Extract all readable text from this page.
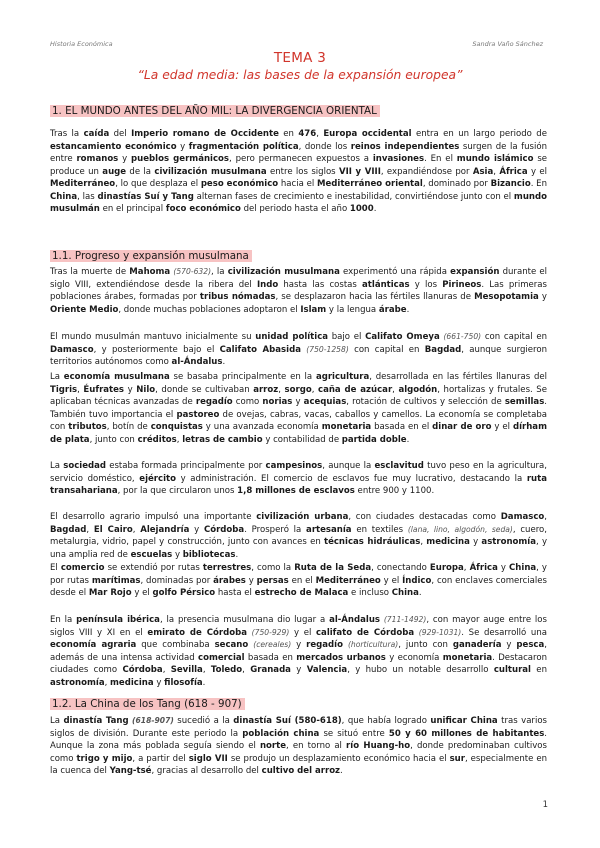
Historia Económica	Sandra Vaño Sánchez
TEMA 3
“La edad media: las bases de la expansión europea”
1. EL MUNDO ANTES DEL AÑO MIL: LA DIVERGENCIA ORIENTAL
Tras la caída del Imperio romano de Occidente en 476, Europa occidental entra en un largo periodo de estancamiento económico y fragmentación política, donde los reinos independientes surgen de la fusión entre romanos y pueblos germánicos, pero permanecen expuestos a invasiones. En el mundo islámico se produce un auge de la civilización musulmana entre los siglos VII y VIII, expandiéndose por Asia, África y el Mediterráneo, lo que desplaza el peso económico hacia el Mediterráneo oriental, dominado por Bizancio. En China, las dinastías Suí y Tang alternan fases de crecimiento e inestabilidad, convirtiéndose junto con el mundo musulmán en el principal foco económico del periodo hasta el año 1000.
1.1. Progreso y expansión musulmana
Tras la muerte de Mahoma (570-632), la civilización musulmana experimentó una rápida expansión durante el siglo VIII, extendiéndose desde la ribera del Indo hasta las costas atlánticas y los Pirineos. Las primeras poblaciones árabes, formadas por tribus nómadas, se desplazaron hacia las fértiles llanuras de Mesopotamia y Oriente Medio, donde muchas poblaciones adoptaron el Islam y la lengua árabe.
El mundo musulmán mantuvo inicialmente su unidad política bajo el Califato Omeya (661-750) con capital en Damasco, y posteriormente bajo el Califato Abasida (750-1258) con capital en Bagdad, aunque surgieron territorios autónomos como al-Ándalus.
La economía musulmana se basaba principalmente en la agricultura, desarrollada en las fértiles llanuras del Tigris, Éufrates y Nilo, donde se cultivaban arroz, sorgo, caña de azúcar, algodón, hortalizas y frutales. Se aplicaban técnicas avanzadas de regadío como norias y acequias, rotación de cultivos y selección de semillas. También tuvo importancia el pastoreo de ovejas, cabras, vacas, caballos y camellos. La economía se completaba con tributos, botín de conquistas y una avanzada economía monetaria basada en el dinar de oro y el dírham de plata, junto con créditos, letras de cambio y contabilidad de partida doble.
La sociedad estaba formada principalmente por campesinos, aunque la esclavitud tuvo peso en la agricultura, servicio doméstico, ejército y administración. El comercio de esclavos fue muy lucrativo, destacando la ruta transahariana, por la que circularon unos 1,8 millones de esclavos entre 900 y 1100.
El desarrollo agrario impulsó una importante civilización urbana, con ciudades destacadas como Damasco, Bagdad, El Cairo, Alejandría y Córdoba. Prosperó la artesanía en textiles (lana, lino, algodón, seda), cuero, metalurgia, vidrio, papel y construcción, junto con avances en técnicas hidráulicas, medicina y astronomía, y una amplia red de escuelas y bibliotecas.
El comercio se extendió por rutas terrestres, como la Ruta de la Seda, conectando Europa, África y China, y por rutas marítimas, dominadas por árabes y persas en el Mediterráneo y el Índico, con enclaves comerciales desde el Mar Rojo y el golfo Pérsico hasta el estrecho de Malaca e incluso China.
En la península ibérica, la presencia musulmana dio lugar a al-Ándalus (711-1492), con mayor auge entre los siglos VIII y XI en el emirato de Córdoba (750-929) y el califato de Córdoba (929-1031). Se desarrolló una economía agraria que combinaba secano (cereales) y regadío (horticultura), junto con ganadería y pesca, además de una intensa actividad comercial basada en mercados urbanos y economía monetaria. Destacaron ciudades como Córdoba, Sevilla, Toledo, Granada y Valencia, y hubo un notable desarrollo cultural en astronomía, medicina y filosofía.
1.2. La China de los Tang (618 - 907)
La dinastía Tang (618-907) sucedió a la dinastía Suí (580-618), que había logrado unificar China tras varios siglos de división. Durante este periodo la población china se situó entre 50 y 60 millones de habitantes. Aunque la zona más poblada seguía siendo el norte, en torno al río Huang-ho, donde predominaban cultivos como trigo y mijo, a partir del siglo VII se produjo un desplazamiento económico hacia el sur, especialmente en la cuenca del Yang-tsé, gracias al desarrollo del cultivo del arroz.
1
